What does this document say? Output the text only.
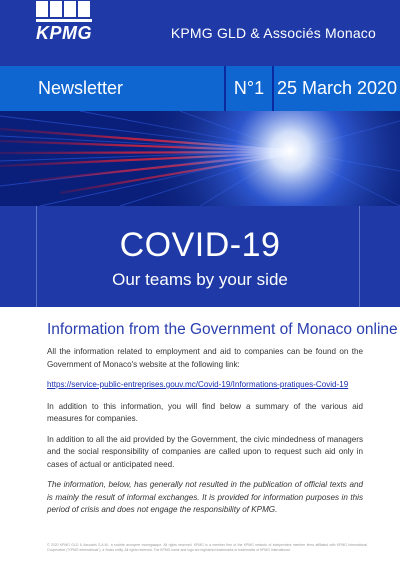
KPMG	KPMG GLD & Associés Monaco
Newsletter	N°1 25 March 2020
COVID-19
Our teams by your side
Information from the Government of Monaco online

All the information related to employment and aid to companies can be found on the Government of Monaco's website at the following link:

https://service-public-entreprises.gouv.mc/Covid-19/Informations-pratiques-Covid-19

In addition to this information, you will find below a summary of the various aid measures for companies.

In addition to all the aid provided by the Government, the civic mindedness of managers and the social responsibility of companies are called upon to request such aid only in cases of actual or anticipated need.

The information, below, has generally not resulted in the publication of official texts and is mainly the result of informal exchanges. It is provided for information purposes in this period of crisis and does not engage the responsibility of KPMG.

© 2020 KPMG GLD & Associés S.A.M., a société anonyme monégasque. All rights reserved. KPMG is a member firm of the KPMG network of independent member firms affiliated with KPMG International Cooperative ("KPMG International"), a Swiss entity. All rights reserved. The KPMG name and logo are registered trademarks or trademarks of KPMG International.
